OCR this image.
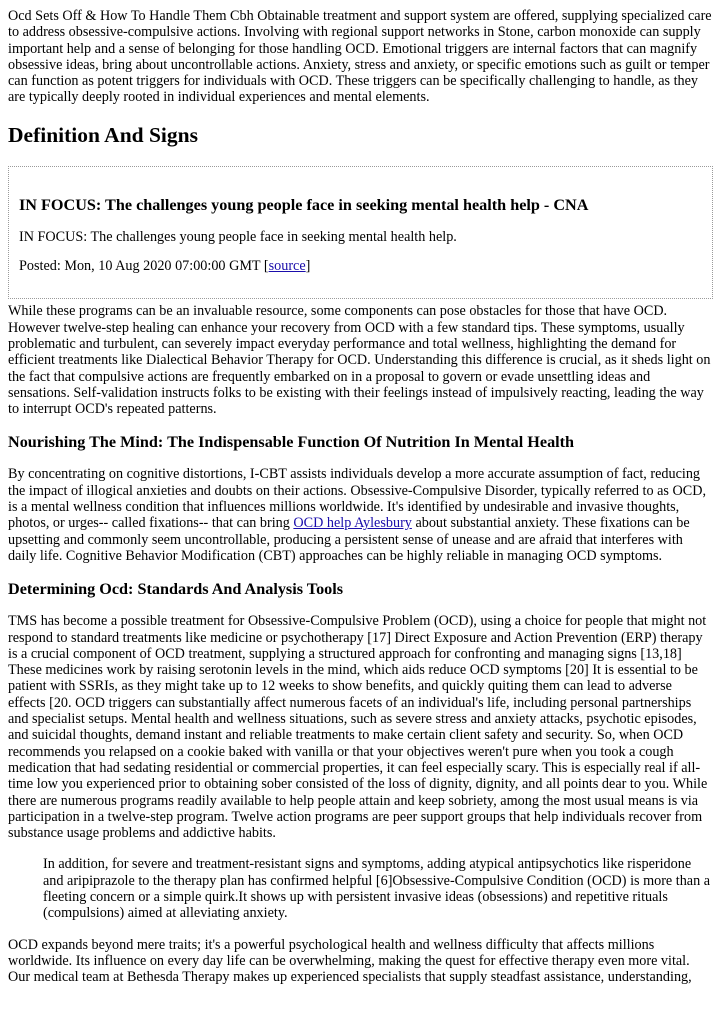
Ocd Sets Off & How To Handle Them Cbh Obtainable treatment and support system are offered, supplying specialized care to address obsessive-compulsive actions. Involving with regional support networks in Stone, carbon monoxide can supply important help and a sense of belonging for those handling OCD. Emotional triggers are internal factors that can magnify obsessive ideas, bring about uncontrollable actions. Anxiety, stress and anxiety, or specific emotions such as guilt or temper can function as potent triggers for individuals with OCD. These triggers can be specifically challenging to handle, as they are typically deeply rooted in individual experiences and mental elements.

Definition And Signs
IN FOCUS: The challenges young people face in seeking mental health help - CNA

IN FOCUS: The challenges young people face in seeking mental health help.

Posted: Mon, 10 Aug 2020 07:00:00 GMT [source]

While these programs can be an invaluable resource, some components can pose obstacles for those that have OCD. However twelve-step healing can enhance your recovery from OCD with a few standard tips. These symptoms, usually problematic and turbulent, can severely impact everyday performance and total wellness, highlighting the demand for efficient treatments like Dialectical Behavior Therapy for OCD. Understanding this difference is crucial, as it sheds light on the fact that compulsive actions are frequently embarked on in a proposal to govern or evade unsettling ideas and sensations. Self-validation instructs folks to be existing with their feelings instead of impulsively reacting, leading the way to interrupt OCD's repeated patterns.

Nourishing The Mind: The Indispensable Function Of Nutrition In Mental Health

By concentrating on cognitive distortions, I-CBT assists individuals develop a more accurate assumption of fact, reducing the impact of illogical anxieties and doubts on their actions. Obsessive-Compulsive Disorder, typically referred to as OCD, is a mental wellness condition that influences millions worldwide. It's identified by undesirable and invasive thoughts, photos, or urges-- called fixations-- that can bring OCD help Aylesbury about substantial anxiety. These fixations can be upsetting and commonly seem uncontrollable, producing a persistent sense of unease and are afraid that interferes with daily life. Cognitive Behavior Modification (CBT) approaches can be highly reliable in managing OCD symptoms.

Determining Ocd: Standards And Analysis Tools

TMS has become a possible treatment for Obsessive-Compulsive Problem (OCD), using a choice for people that might not respond to standard treatments like medicine or psychotherapy [17] Direct Exposure and Action Prevention (ERP) therapy is a crucial component of OCD treatment, supplying a structured approach for confronting and managing signs [13,18] These medicines work by raising serotonin levels in the mind, which aids reduce OCD symptoms [20] It is essential to be patient with SSRIs, as they might take up to 12 weeks to show benefits, and quickly quiting them can lead to adverse effects [20. OCD triggers can substantially affect numerous facets of an individual's life, including personal partnerships and specialist setups. Mental health and wellness situations, such as severe stress and anxiety attacks, psychotic episodes, and suicidal thoughts, demand instant and reliable treatments to make certain client safety and security. So, when OCD recommends you relapsed on a cookie baked with vanilla or that your objectives weren't pure when you took a cough medication that had sedating residential or commercial properties, it can feel especially scary. This is especially real if all-time low you experienced prior to obtaining sober consisted of the loss of dignity, dignity, and all points dear to you. While there are numerous programs readily available to help people attain and keep sobriety, among the most usual means is via participation in a twelve-step program. Twelve action programs are peer support groups that help individuals recover from substance usage problems and addictive habits.

In addition, for severe and treatment-resistant signs and symptoms, adding atypical antipsychotics like risperidone and aripiprazole to the therapy plan has confirmed helpful [6]Obsessive-Compulsive Condition (OCD) is more than a fleeting concern or a simple quirk.It shows up with persistent invasive ideas (obsessions) and repetitive rituals (compulsions) aimed at alleviating anxiety.

OCD expands beyond mere traits; it's a powerful psychological health and wellness difficulty that affects millions worldwide. Its influence on every day life can be overwhelming, making the quest for effective therapy even more vital. Our medical team at Bethesda Therapy makes up experienced specialists that supply steadfast assistance, understanding,
